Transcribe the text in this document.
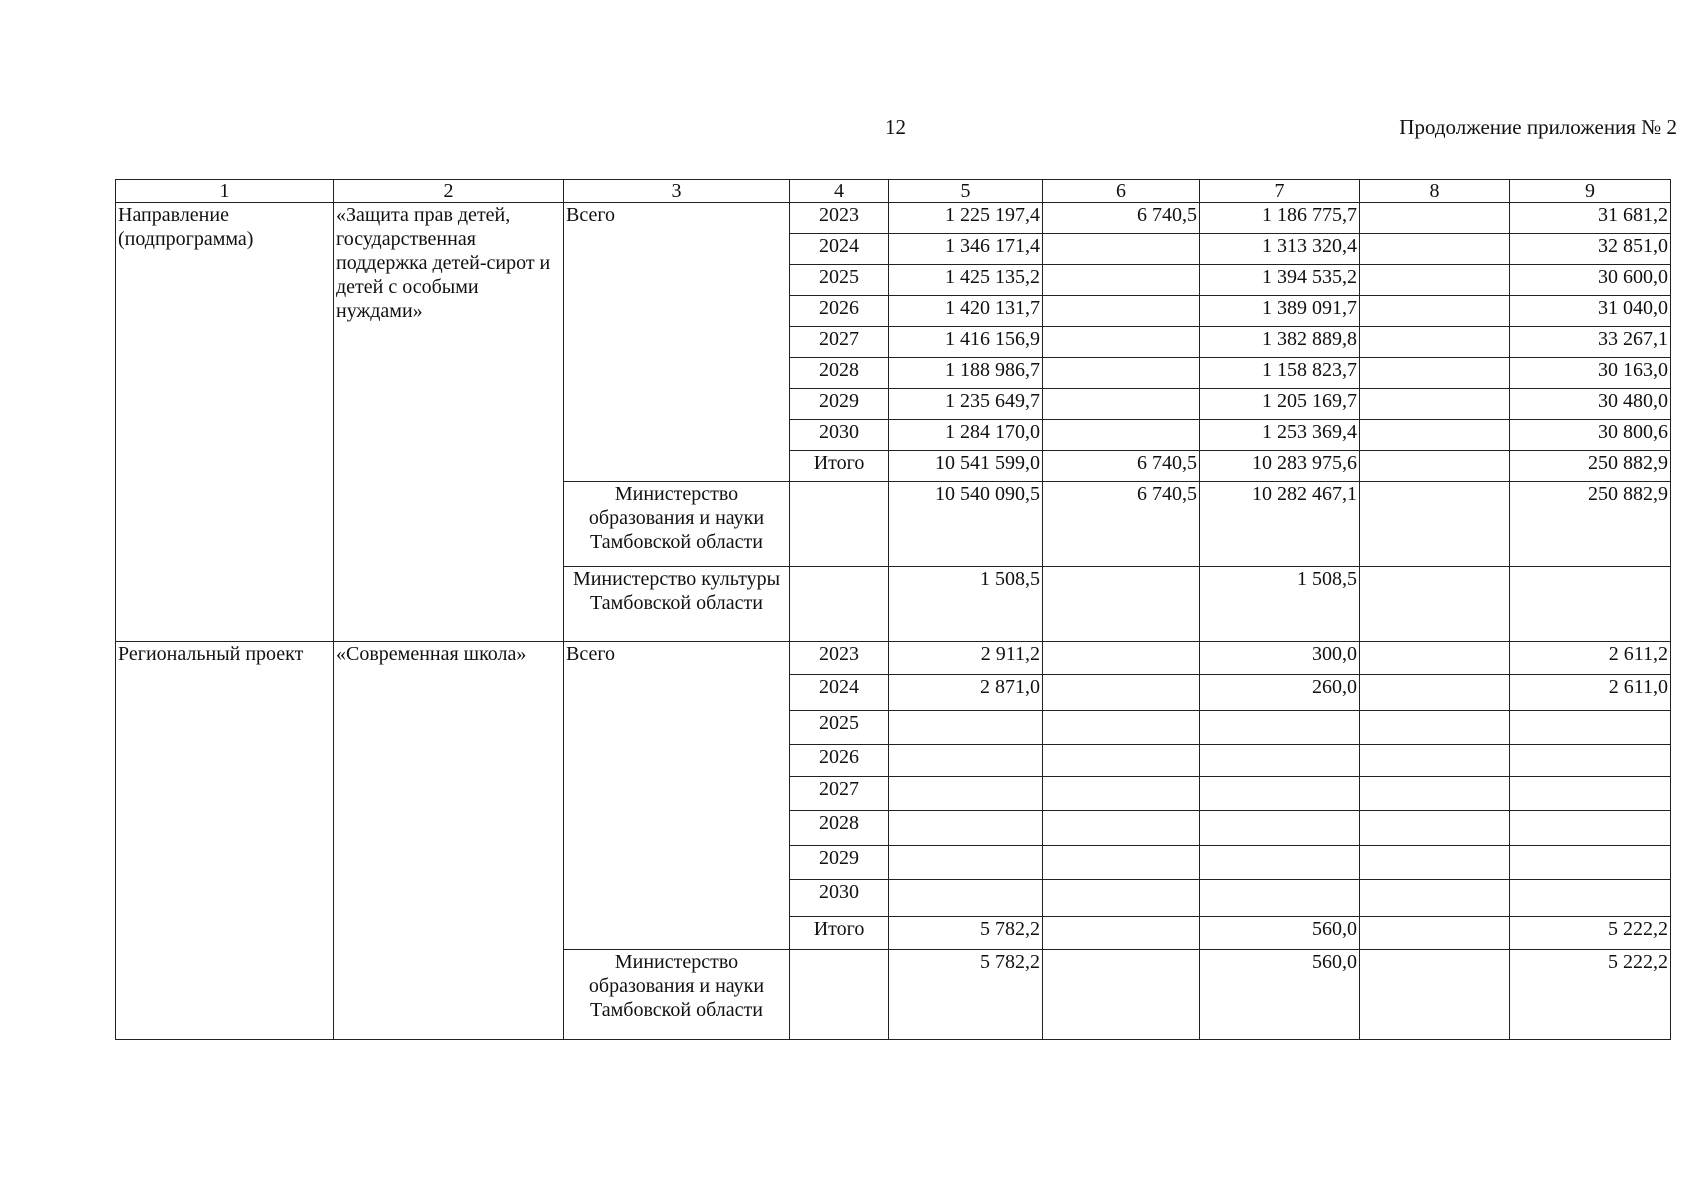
12	Продолжение приложения № 2
1	2	3	4	5	6	7	8	9
Направление (подпрограмма)	«Защита прав детей, государственная поддержка детей-сирот и детей с особыми нуждами»	Всего	2023	1 225 197,4	6 740,5	1 186 775,7		31 681,2
			2024	1 346 171,4		1 313 320,4		32 851,0
			2025	1 425 135,2		1 394 535,2		30 600,0
			2026	1 420 131,7		1 389 091,7		31 040,0
			2027	1 416 156,9		1 382 889,8		33 267,1
			2028	1 188 986,7		1 158 823,7		30 163,0
			2029	1 235 649,7		1 205 169,7		30 480,0
			2030	1 284 170,0		1 253 369,4		30 800,6
			Итого	10 541 599,0	6 740,5	10 283 975,6		250 882,9
		Министерство образования и науки Тамбовской области		10 540 090,5	6 740,5	10 282 467,1		250 882,9
		Министерство культуры Тамбовской области		1 508,5		1 508,5		
Региональный проект	«Современная школа»	Всего	2023	2 911,2		300,0		2 611,2
			2024	2 871,0		260,0		2 611,0
			2025					
			2026					
			2027					
			2028					
			2029					
			2030					
			Итого	5 782,2		560,0		5 222,2
		Министерство образования и науки Тамбовской области		5 782,2		560,0		5 222,2
